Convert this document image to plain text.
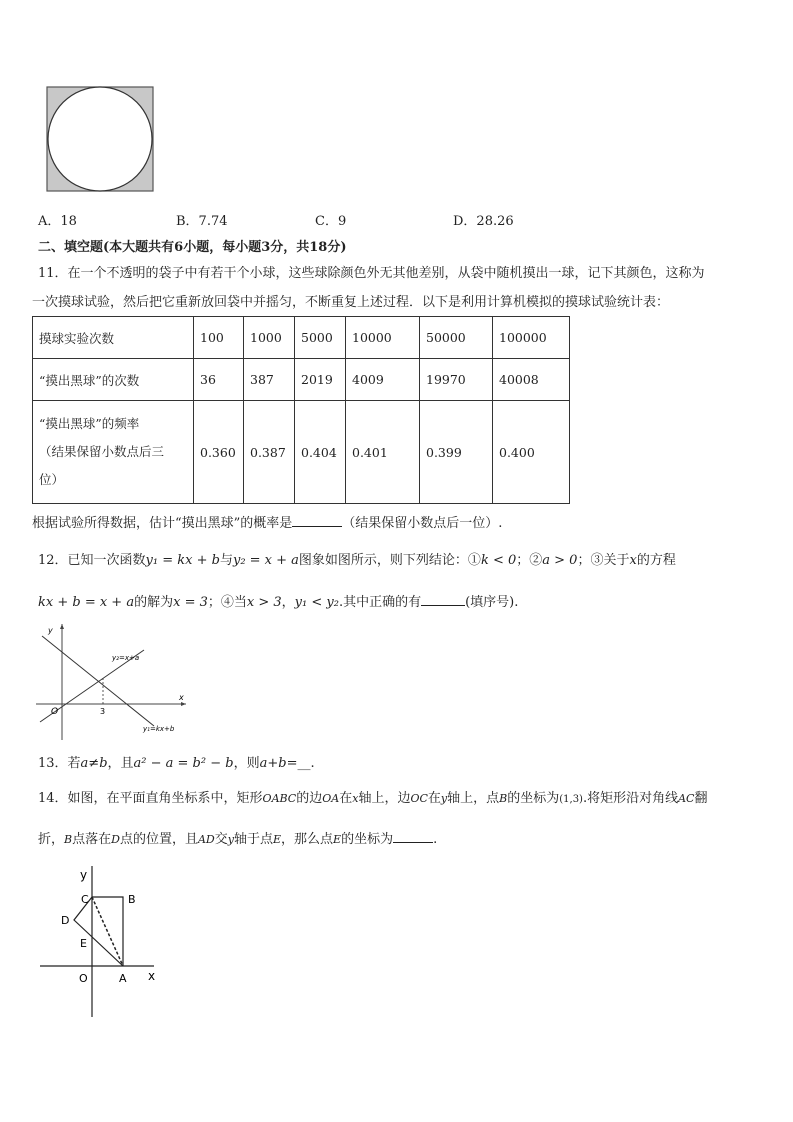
A．18	B．7.74	C．9	D．28.26
二、填空题(本大题共有6小题，每小题3分，共18分)
11．在一个不透明的袋子中有若干个小球，这些球除颜色外无其他差别，从袋中随机摸出一球，记下其颜色，这称为
一次摸球试验，然后把它重新放回袋中并摇匀，不断重复上述过程．以下是利用计算机模拟的摸球试验统计表：
摸球实验次数	100	1000	5000	10000	50000	100000
“摸出黑球”的次数	36	387	2019	4009	19970	40008

“摸出黑球”的频率
（结果保留小数点后三
位）	0.360	0.387	0.404	0.401	0.399	0.400
根据试验所得数据，估计“摸出黑球”的概率是	（结果保留小数点后一位）.
12．已知一次函数y₁ = kx + b与y₂ = x + a图象如图所示，则下列结论：①k < 0；②a > 0；③关于x的方程
kx + b = x + a的解为x = 3；④当x > 3，y₁ < y₂.其中正确的有	(填序号).
y
x
O	3
y₂=x+a
y₁=kx+b
13．若a≠b，且a² − a = b² − b，则a+b=__.
14．如图，在平面直角坐标系中，矩形OABC的边OA在x轴上，边OC在y轴上，点B的坐标为(1,3).将矩形沿对角线AC翻
折，B点落在D点的位置，且AD交y轴于点E，那么点E的坐标为	.
y
x
C	B
D
E
O	A
